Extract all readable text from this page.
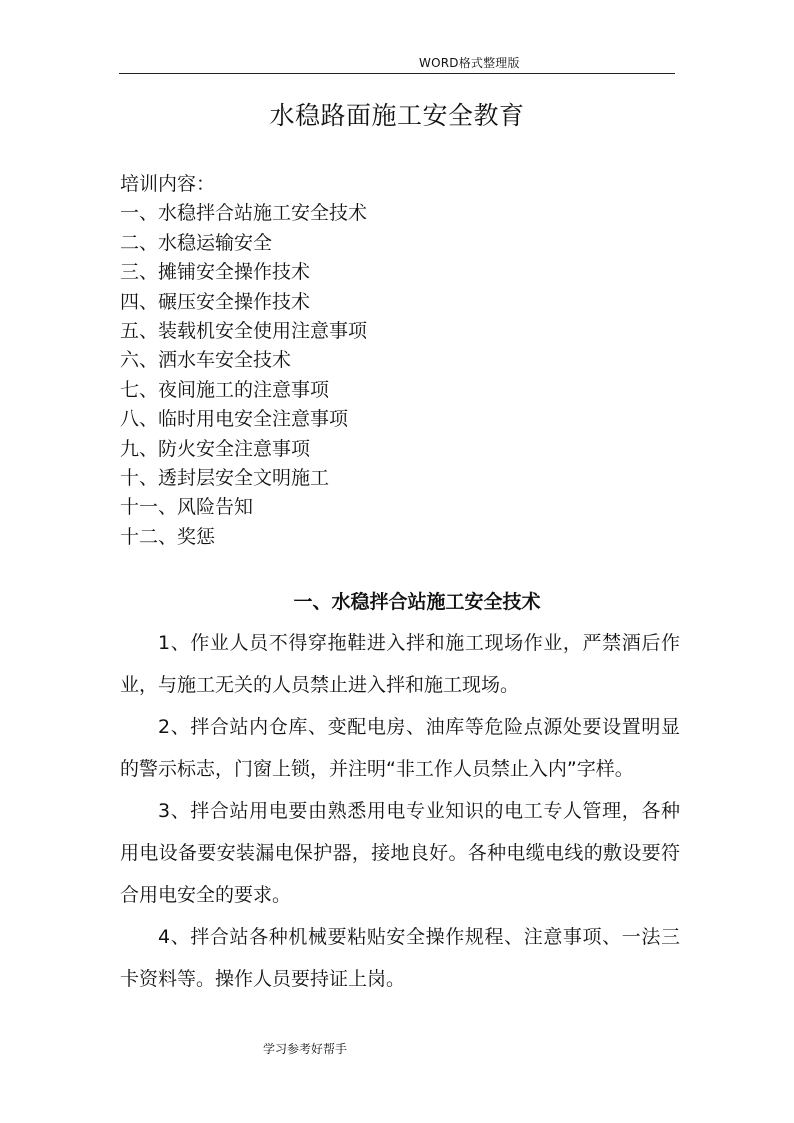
WORD格式整理版
水稳路面施工安全教育
培训内容：
一、水稳拌合站施工安全技术
二、水稳运输安全
三、摊铺安全操作技术
四、碾压安全操作技术
五、装载机安全使用注意事项
六、洒水车安全技术
七、夜间施工的注意事项
八、临时用电安全注意事项
九、防火安全注意事项
十、透封层安全文明施工
十一、风险告知
十二、奖惩
一、水稳拌合站施工安全技术

1、作业人员不得穿拖鞋进入拌和施工现场作业，严禁酒后作业，与施工无关的人员禁止进入拌和施工现场。

2、拌合站内仓库、变配电房、油库等危险点源处要设置明显的警示标志，门窗上锁，并注明“非工作人员禁止入内”字样。

3、拌合站用电要由熟悉用电专业知识的电工专人管理，各种用电设备要安装漏电保护器，接地良好。各种电缆电线的敷设要符合用电安全的要求。

4、拌合站各种机械要粘贴安全操作规程、注意事项、一法三卡资料等。操作人员要持证上岗。

学习参考好帮手
